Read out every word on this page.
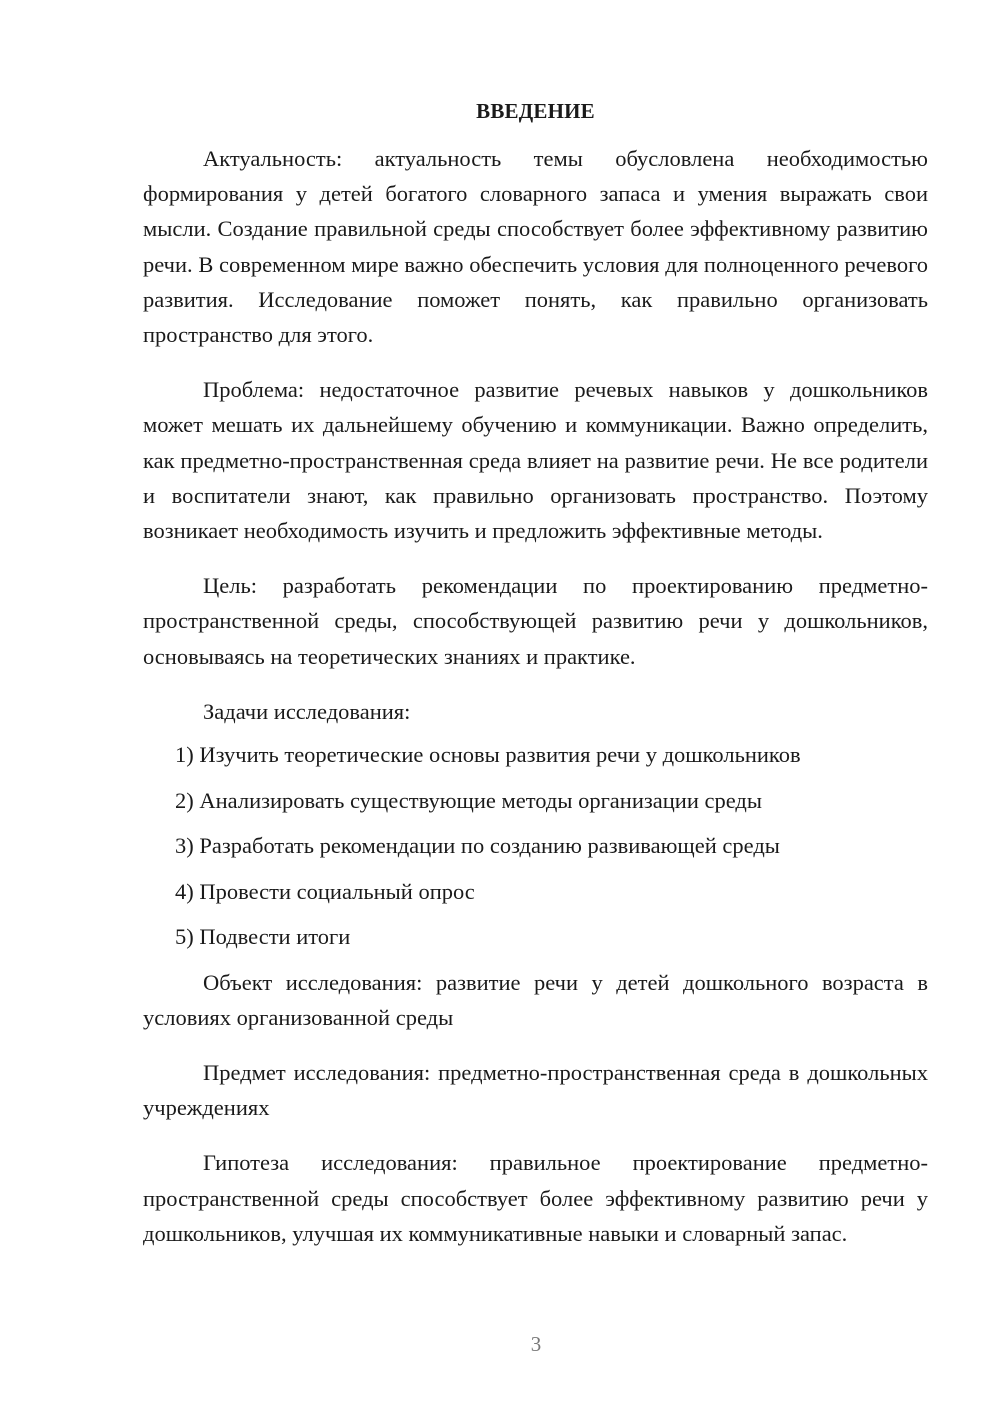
ВВЕДЕНИЕ

Актуальность: актуальность темы обусловлена необходимостью формирования у детей богатого словарного запаса и умения выражать свои мысли. Создание правильной среды способствует более эффективному развитию речи. В современном мире важно обеспечить условия для полноценного речевого развития. Исследование поможет понять, как правильно организовать пространство для этого.

Проблема: недостаточное развитие речевых навыков у дошкольников может мешать их дальнейшему обучению и коммуникации. Важно определить, как предметно-пространственная среда влияет на развитие речи. Не все родители и воспитатели знают, как правильно организовать пространство. Поэтому возникает необходимость изучить и предложить эффективные методы.

Цель: разработать рекомендации по проектированию предметно-пространственной среды, способствующей развитию речи у дошкольников, основываясь на теоретических знаниях и практике.

Задачи исследования:

1) Изучить теоретические основы развития речи у дошкольников
2) Анализировать существующие методы организации среды
3) Разработать рекомендации по созданию развивающей среды
4) Провести социальный опрос
5) Подвести итоги

Объект исследования: развитие речи у детей дошкольного возраста в условиях организованной среды

Предмет исследования: предметно-пространственная среда в дошкольных учреждениях

Гипотеза исследования: правильное проектирование предметно-пространственной среды способствует более эффективному развитию речи у дошкольников, улучшая их коммуникативные навыки и словарный запас.

3
